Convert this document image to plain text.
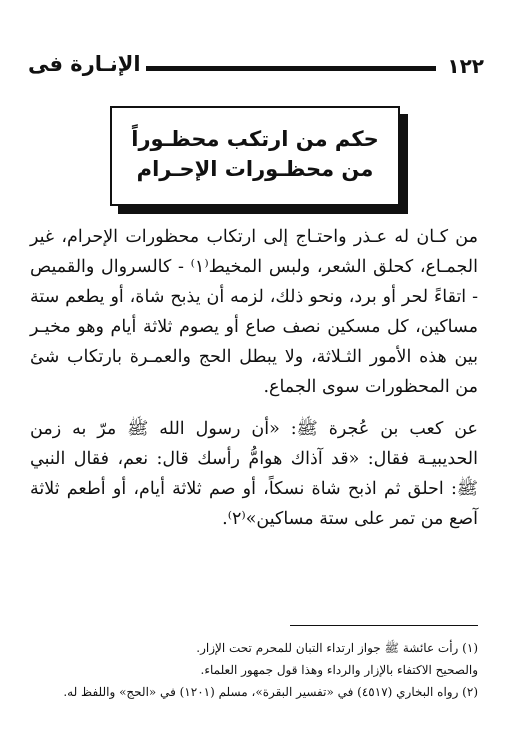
١٢٢
الإنـارة فى
حكم من ارتكب محظـوراً
من محظـورات الإحـرام

من كـان له عـذر واحتـاج إلى ارتكاب محظورات الإحرام، غير الجمـاع، كحلق الشعر، ولبس المخيط⁽١⁾ - كالسروال والقميص - اتقاءً لحر أو برد، ونحو ذلك، لزمه أن يذبح شاة، أو يطعم ستة مساكين، كل مسكين نصف صاع أو يصوم ثلاثة أيام وهو مخيـر بين هذه الأمور الثـلاثة، ولا يبطل الحج والعمـرة بارتكاب شئ من المحظورات سوى الجماع.

عن كعب بن عُجرة ﷺ: «أن رسول الله ﷺ مرّ به زمن الحديبيـة فقال: «قد آذاك هوامُّ رأسك قال: نعم، فقال النبي ﷺ: احلق ثم اذبح شاة نسكاً، أو صم ثلاثة أيام، أو أطعم ثلاثة آصع من تمر على ستة مساكين»⁽٢⁾.

(١) رأت عائشة ﷺ جواز ارتداء التبان للمحرم تحت الإزار.

والصحيح الاكتفاء بالإزار والرداء وهذا قول جمهور العلماء.

(٢) رواه البخاري (٤٥١٧) في «تفسير البقرة»، مسلم (١٢٠١) في «الحج» واللفظ له.
